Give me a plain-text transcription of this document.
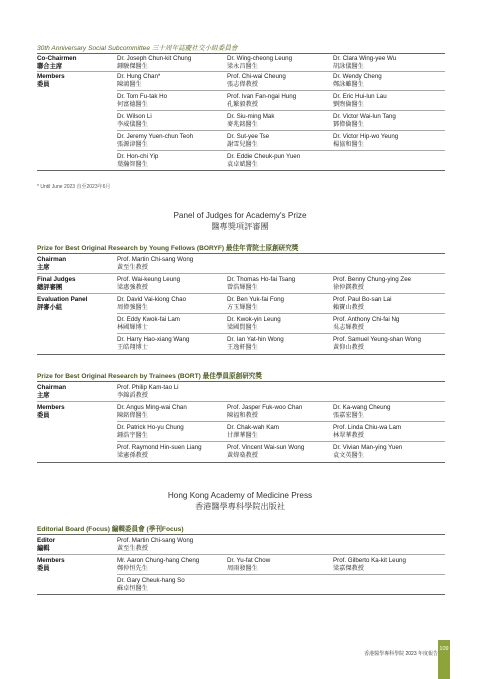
30th Anniversary Social Subcommittee 三十周年誌慶社交小組委員會
Co-Chairmen
聯合主席
Dr. Joseph Chun-kit Chung
鍾駿傑醫生
Dr. Wing-cheong Leung
梁永昌醫生
Dr. Clara Wing-yee Wu
胡詠儀醫生
Members
委員
Dr. Hung Chan*
陳鴻醫生
Prof. Chi-wai Cheung
張志偉教授
Dr. Wendy Cheng
鄭詠雖醫生
Dr. Tom Fu-tak Ho
何富德醫生
Prof. Ivan Fan-ngai Hung
孔繁毅教授
Dr. Eric Hui-lun Lau
劉煦倫醫生
Dr. Wilson Li
李威儀醫生
Dr. Siu-ming Mak
麥兆銘醫生
Dr. Victor Wai-lun Tang
鄧偉倫醫生
Dr. Jeremy Yuen-chun Teoh
張源津醫生
Dr. Sut-yee Tse
謝雪兒醫生
Dr. Victor Hip-wo Yeung
楊協和醫生
Dr. Hon-chi Yip
葉瀚智醫生
Dr. Eddie Cheuk-pun Yuen
袁卓斌醫生
* Until June 2023 直至2023年6月
Panel of Judges for Academy's Prize
醫專獎項評審團
Prize for Best Original Research by Young Fellows (BORYF) 最佳年青院士原創研究獎
Chairman
主席
Prof. Martin Chi-sang Wong
黃至生教授
Final Judges
總評審團
Prof. Wai-keung Leung
梁惠強教授
Dr. Thomas Ho-fai Tsang
曾浩輝醫生
Prof. Benny Chung-ying Zee
徐仲鍈教授
Evaluation Panel
評審小組
Dr. David Vai-kiong Chao
周偉強醫生
Dr. Ben Yuk-fai Fong
方玉輝醫生
Prof. Paul Bo-san Lai
賴寶山教授
Dr. Eddy Kwok-fai Lam
林國輝博士
Dr. Kwok-yin Leung
梁國賢醫生
Prof. Anthony Chi-fai Ng
吳志輝教授
Dr. Harry Hao-xiang Wang
王皓翔博士
Dr. Ian Yat-hin Wong
王逸軒醫生
Prof. Samuel Yeung-shan Wong
黃仰山教授
Prize for Best Original Research by Trainees (BORT) 最佳學員原創研究獎
Chairman
主席
Prof. Philip Kam-tao Li
李錦滔教授
Members
委員
Dr. Angus Ming-wai Chan
陳銘偉醫生
Prof. Jasper Fuk-woo Chan
陳福和教授
Dr. Ka-wang Cheung
張嘉宏醫生
Dr. Patrick Ho-yu Chung
鍾浩宇醫生
Dr. Chak-wah Kam
甘澤華醫生
Prof. Linda Chiu-wa Lam
林翠華教授
Prof. Raymond Hin-suen Liang
梁憲孫教授
Prof. Vincent Wai-sun Wong
黃煒燊教授
Dr. Vivian Man-ying Yuen
袁文英醫生
Hong Kong Academy of Medicine Press
香港醫學專科學院出版社
Editorial Board (Focus) 編輯委員會 (季刊Focus)
Editor
編輯
Prof. Martin Chi-sang Wong
黃至生教授
Members
委員
Mr. Aaron Chung-hang Cheng
鄭仲恒先生
Dr. Yu-fat Chow
周雨發醫生
Prof. Gilberto Ka-kit Leung
梁嘉傑教授
Dr. Gary Cheuk-hang So
蘇卓恒醫生
香港醫學專科學院 2023 年度報告
109
